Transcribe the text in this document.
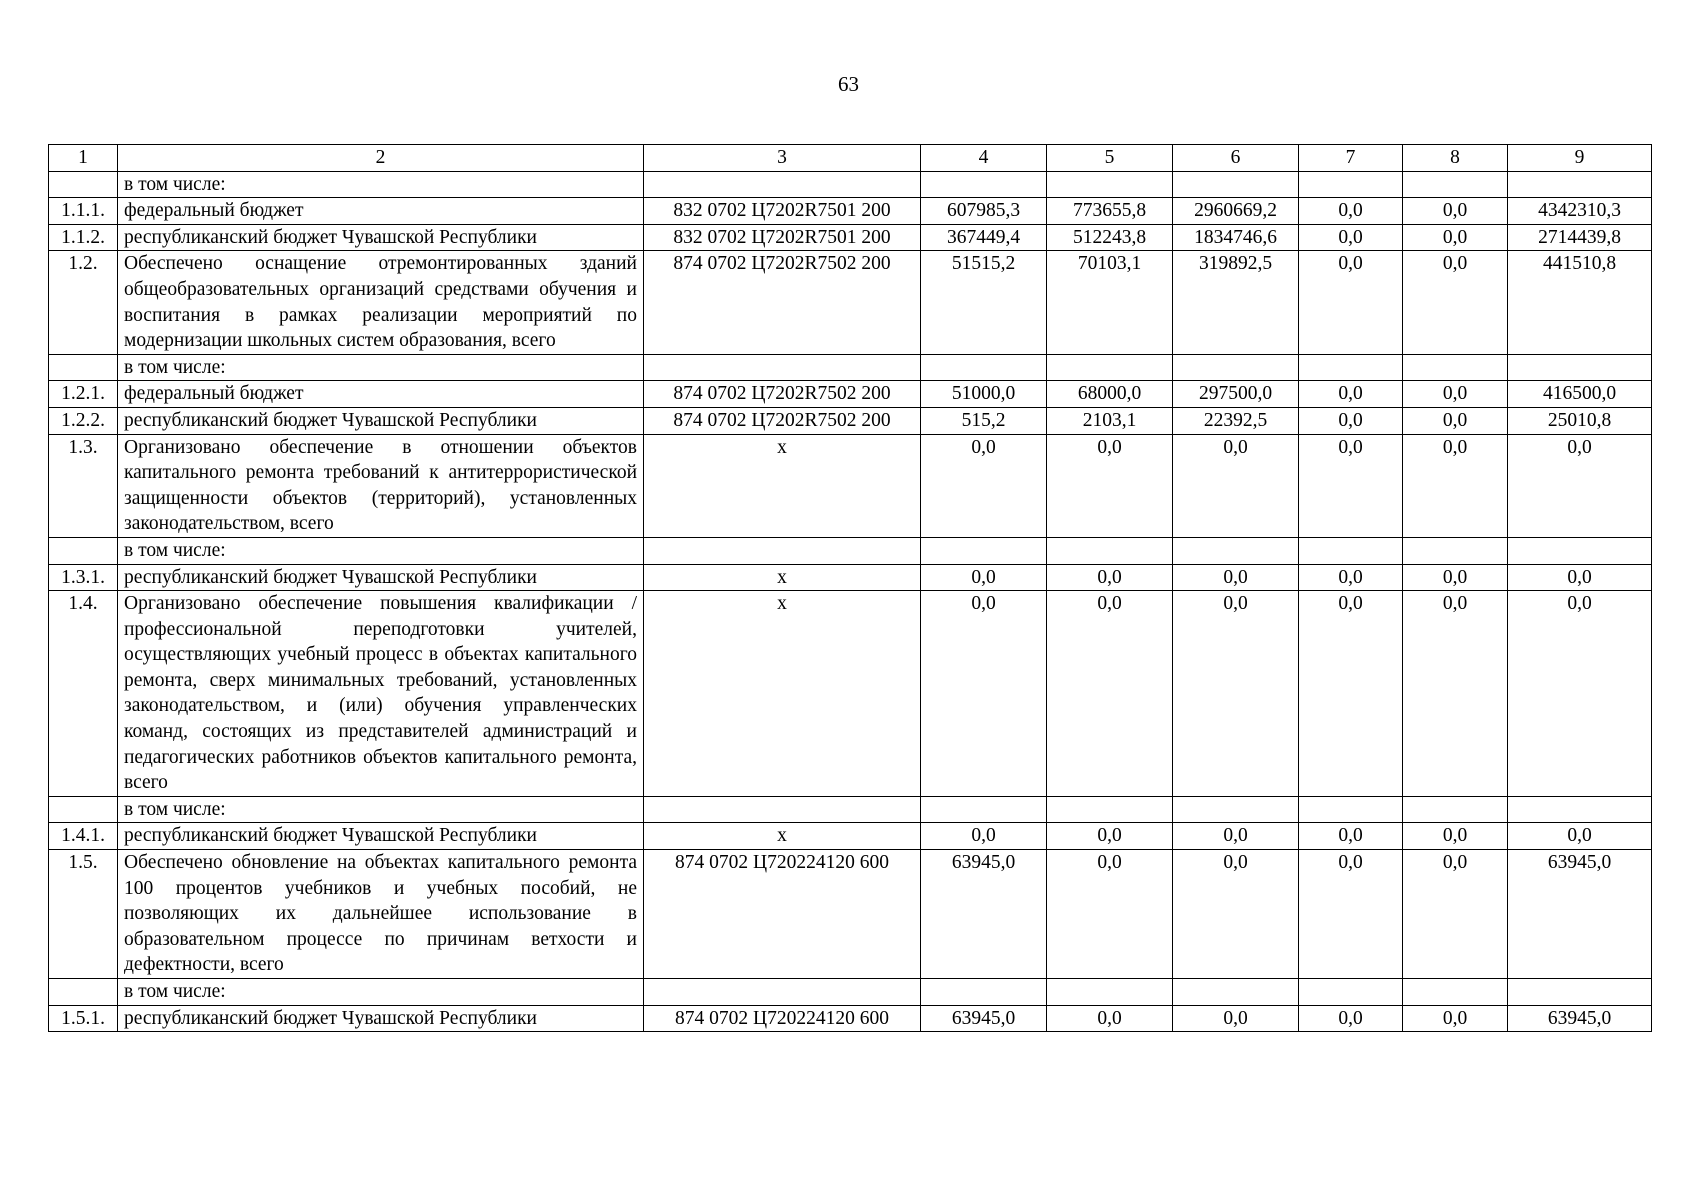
63
1	2	3	4	5	6	7	8	9
	в том числе:							
1.1.1.	федеральный бюджет	832 0702 Ц7202R7501 200	607985,3	773655,8	2960669,2	0,0	0,0	4342310,3
1.1.2.	республиканский бюджет Чувашской Республики	832 0702 Ц7202R7501 200	367449,4	512243,8	1834746,6	0,0	0,0	2714439,8
1.2.	Обеспечено оснащение отремонтированных зданий общеобразовательных организаций средствами обучения и воспитания в рамках реализации мероприятий по модернизации школьных систем образования, всего	874 0702 Ц7202R7502 200	51515,2	70103,1	319892,5	0,0	0,0	441510,8
	в том числе:							
1.2.1.	федеральный бюджет	874 0702 Ц7202R7502 200	51000,0	68000,0	297500,0	0,0	0,0	416500,0
1.2.2.	республиканский бюджет Чувашской Республики	874 0702 Ц7202R7502 200	515,2	2103,1	22392,5	0,0	0,0	25010,8
1.3.	Организовано обеспечение в отношении объектов капитального ремонта требований к антитеррористической защищенности объектов (территорий), установленных законодательством, всего	х	0,0	0,0	0,0	0,0	0,0	0,0
	в том числе:							
1.3.1.	республиканский бюджет Чувашской Республики	х	0,0	0,0	0,0	0,0	0,0	0,0
1.4.	Организовано обеспечение повышения квалификации / профессиональной переподготовки учителей, осуществляющих учебный процесс в объектах капитального ремонта, сверх минимальных требований, установленных законодательством, и (или) обучения управленческих команд, состоящих из представителей администраций и педагогических работников объектов капитального ремонта, всего	х	0,0	0,0	0,0	0,0	0,0	0,0
	в том числе:							
1.4.1.	республиканский бюджет Чувашской Республики	х	0,0	0,0	0,0	0,0	0,0	0,0
1.5.	Обеспечено обновление на объектах капитального ремонта 100 процентов учебников и учебных пособий, не позволяющих их дальнейшее использование в образовательном процессе по причинам ветхости и дефектности, всего	874 0702 Ц720224120 600	63945,0	0,0	0,0	0,0	0,0	63945,0
	в том числе:							
1.5.1.	республиканский бюджет Чувашской Республики	874 0702 Ц720224120 600	63945,0	0,0	0,0	0,0	0,0	63945,0
